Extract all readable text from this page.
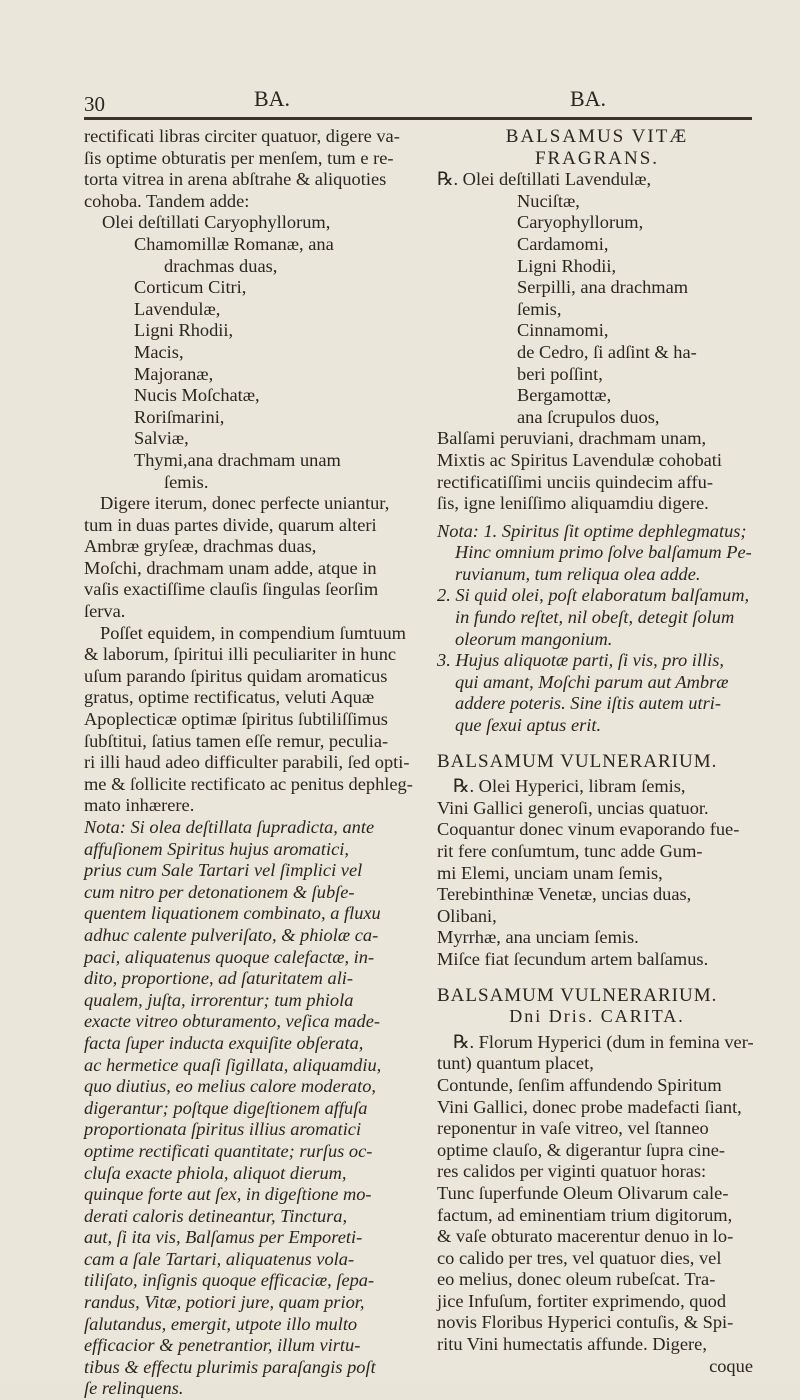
30	BA.	BA.

rectificati libras circiter quatuor, digere va-
ſis optime obturatis per menſem, tum e re-
torta vitrea in arena abſtrahe & aliquoties
cohoba. Tandem adde:

Olei deſtillati Caryophyllorum,
Chamomillæ Romanæ, ana
drachmas duas,
Corticum Citri,
Lavendulæ,
Ligni Rhodii,
Macis,
Majoranæ,
Nucis Moſchatæ,
Roriſmarini,
Salviæ,
Thymi,ana drachmam unam
ſemis.

Digere iterum, donec perfecte uniantur,
tum in duas partes divide, quarum alteri
Ambræ gryſeæ, drachmas duas,
Moſchi, drachmam unam adde, atque in
vaſis exactiſſime clauſis ſingulas ſeorſim
ſerva.
Poſſet equidem, in compendium ſumtuum
& laborum, ſpiritui illi peculiariter in hunc
uſum parando ſpiritus quidam aromaticus
gratus, optime rectificatus, veluti Aquæ
Apoplecticæ optimæ ſpiritus ſubtiliſſimus
ſubſtitui, ſatius tamen eſſe remur, peculia-
ri illi haud adeo difficulter parabili, ſed opti-
me & ſollicite rectificato ac penitus dephleg-
mato inhærere.

Nota: Si olea deſtillata ſupradicta, ante
affuſionem Spiritus hujus aromatici,
prius cum Sale Tartari vel ſimplici vel
cum nitro per detonationem & ſubſe-
quentem liquationem combinato, a fluxu
adhuc calente pulveriſato, & phiolæ ca-
paci, aliquatenus quoque calefactæ, in-
dito, proportione, ad ſaturitatem ali-
qualem, juſta, irrorentur; tum phiola
exacte vitreo obturamento, veſica made-
facta ſuper inducta exquiſite obſerata,
ac hermetice quaſi ſigillata, aliquamdiu,
quo diutius, eo melius calore moderato,
digerantur; poſtque digeſtionem affuſa
proportionata ſpiritus illius aromatici
optime rectificati quantitate; rurſus oc-
cluſa exacte phiola, aliquot dierum,
quinque forte aut ſex, in digeſtione mo-
derati caloris detineantur, Tinctura,
aut, ſi ita vis, Balſamus per Emporeti-
cam a ſale Tartari, aliquatenus vola-
tiliſato, inſignis quoque efficaciæ, ſepa-
randus, Vitæ, potiori jure, quam prior,
ſalutandus, emergit, utpote illo multo
efficacior & penetrantior, illum virtu-
tibus & effectu plurimis paraſangis poſt
ſe relinquens.

BALSAMUS VITÆ
FRAGRANS.
℞. Olei deſtillati Lavendulæ,
Nuciſtæ,
Caryophyllorum,
Cardamomi,
Ligni Rhodii,
Serpilli, ana drachmam
ſemis,
Cinnamomi,
de Cedro, ſi adſint & ha-
beri poſſint,
Bergamottæ,
ana ſcrupulos duos,

Balſami peruviani, drachmam unam,
Mixtis ac Spiritus Lavendulæ cohobati
rectificatiſſimi unciis quindecim affu-
ſis, igne leniſſimo aliquamdiu digere.

Nota: 1. Spiritus ſit optime dephlegmatus;
Hinc omnium primo ſolve balſamum Pe-
ruvianum, tum reliqua olea adde.
2. Si quid olei, poſt elaboratum balſamum,
in fundo reſtet, nil obeſt, detegit ſolum
oleorum mangonium.
3. Hujus aliquotæ parti, ſi vis, pro illis,
qui amant, Moſchi parum aut Ambræ
addere poteris. Sine iſtis autem utri-
que ſexui aptus erit.

BALSAMUM VULNERARIUM.

℞. Olei Hyperici, libram ſemis,
Vini Gallici generoſi, uncias quatuor.
Coquantur donec vinum evaporando fue-
rit fere conſumtum, tunc adde Gum-
mi Elemi, unciam unam ſemis,
Terebinthinæ Venetæ, uncias duas,
Olibani,
Myrrhæ, ana unciam ſemis.
Miſce fiat ſecundum artem balſamus.

BALSAMUM VULNERARIUM.
Dni Dris. CARITA.

℞. Florum Hyperici (dum in femina ver-
tunt) quantum placet,
Contunde, ſenſim affundendo Spiritum
Vini Gallici, donec probe madefacti ſiant,
reponentur in vaſe vitreo, vel ſtanneo
optime clauſo, & digerantur ſupra cine-
res calidos per viginti quatuor horas:
Tunc ſuperfunde Oleum Olivarum cale-
factum, ad eminentiam trium digitorum,
& vaſe obturato macerentur denuo in lo-
co calido per tres, vel quatuor dies, vel
eo melius, donec oleum rubeſcat. Tra-
jice Infuſum, fortiter exprimendo, quod
novis Floribus Hyperici contuſis, & Spi-
ritu Vini humectatis affunde. Digere,
coque
